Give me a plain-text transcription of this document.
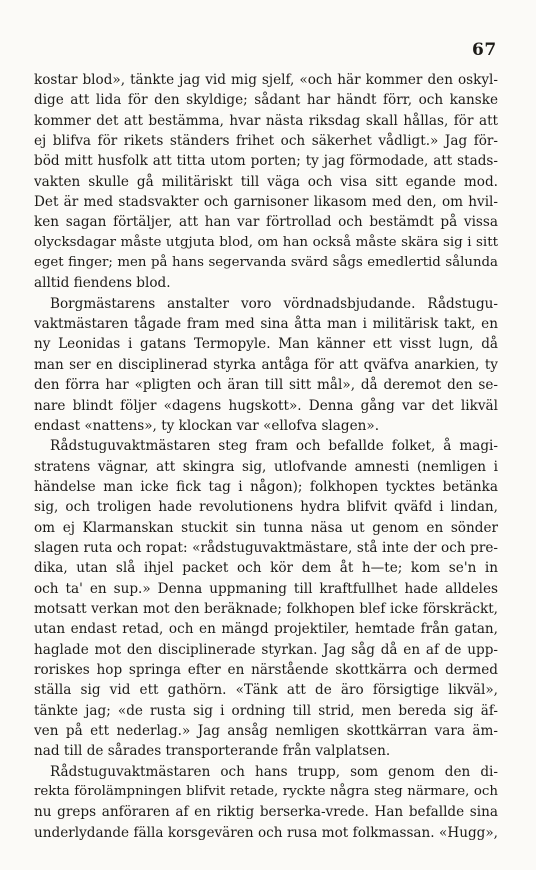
67
kostar blod», tänkte jag vid mig sjelf, «och här kommer den oskyl-
dige att lida för den skyldige; sådant har händt förr, och kanske
kommer det att bestämma, hvar nästa riksdag skall hållas, för att
ej blifva för rikets ständers frihet och säkerhet vådligt.» Jag för-
böd mitt husfolk att titta utom porten; ty jag förmodade, att stads-
vakten skulle gå militäriskt till väga och visa sitt egande mod.
Det är med stadsvakter och garnisoner likasom med den, om hvil-
ken sagan förtäljer, att han var förtrollad och bestämdt på vissa
olycksdagar måste utgjuta blod, om han också måste skära sig i sitt
eget finger; men på hans segervanda svärd sågs emedlertid sålunda
alltid fiendens blod.
Borgmästarens anstalter voro vördnadsbjudande. Rådstugu-
vaktmästaren tågade fram med sina åtta man i militärisk takt, en
ny Leonidas i gatans Termopyle. Man känner ett visst lugn, då
man ser en disciplinerad styrka antåga för att qväfva anarkien, ty
den förra har «pligten och äran till sitt mål», då deremot den se-
nare blindt följer «dagens hugskott». Denna gång var det likväl
endast «nattens», ty klockan var «ellofva slagen».
Rådstuguvaktmästaren steg fram och befallde folket, å magi-
stratens vägnar, att skingra sig, utlofvande amnesti (nemligen i
händelse man icke fick tag i någon); folkhopen tycktes betänka
sig, och troligen hade revolutionens hydra blifvit qväfd i lindan,
om ej Klarmanskan stuckit sin tunna näsa ut genom en sönder
slagen ruta och ropat: «rådstuguvaktmästare, stå inte der och pre-
dika, utan slå ihjel packet och kör dem åt h—te; kom se'n in
och ta' en sup.» Denna uppmaning till kraftfullhet hade alldeles
motsatt verkan mot den beräknade; folkhopen blef icke förskräckt,
utan endast retad, och en mängd projektiler, hemtade från gatan,
haglade mot den disciplinerade styrkan. Jag såg då en af de upp-
roriskes hop springa efter en närstående skottkärra och dermed
ställa sig vid ett gathörn. «Tänk att de äro försigtige likväl»,
tänkte jag; «de rusta sig i ordning till strid, men bereda sig äf-
ven på ett nederlag.» Jag ansåg nemligen skottkärran vara äm-
nad till de sårades transporterande från valplatsen.
Rådstuguvaktmästaren och hans trupp, som genom den di-
rekta förolämpningen blifvit retade, ryckte några steg närmare, och
nu greps anföraren af en riktig berserka-vrede. Han befallde sina
underlydande fälla korsgevären och rusa mot folkmassan. «Hugg»,
